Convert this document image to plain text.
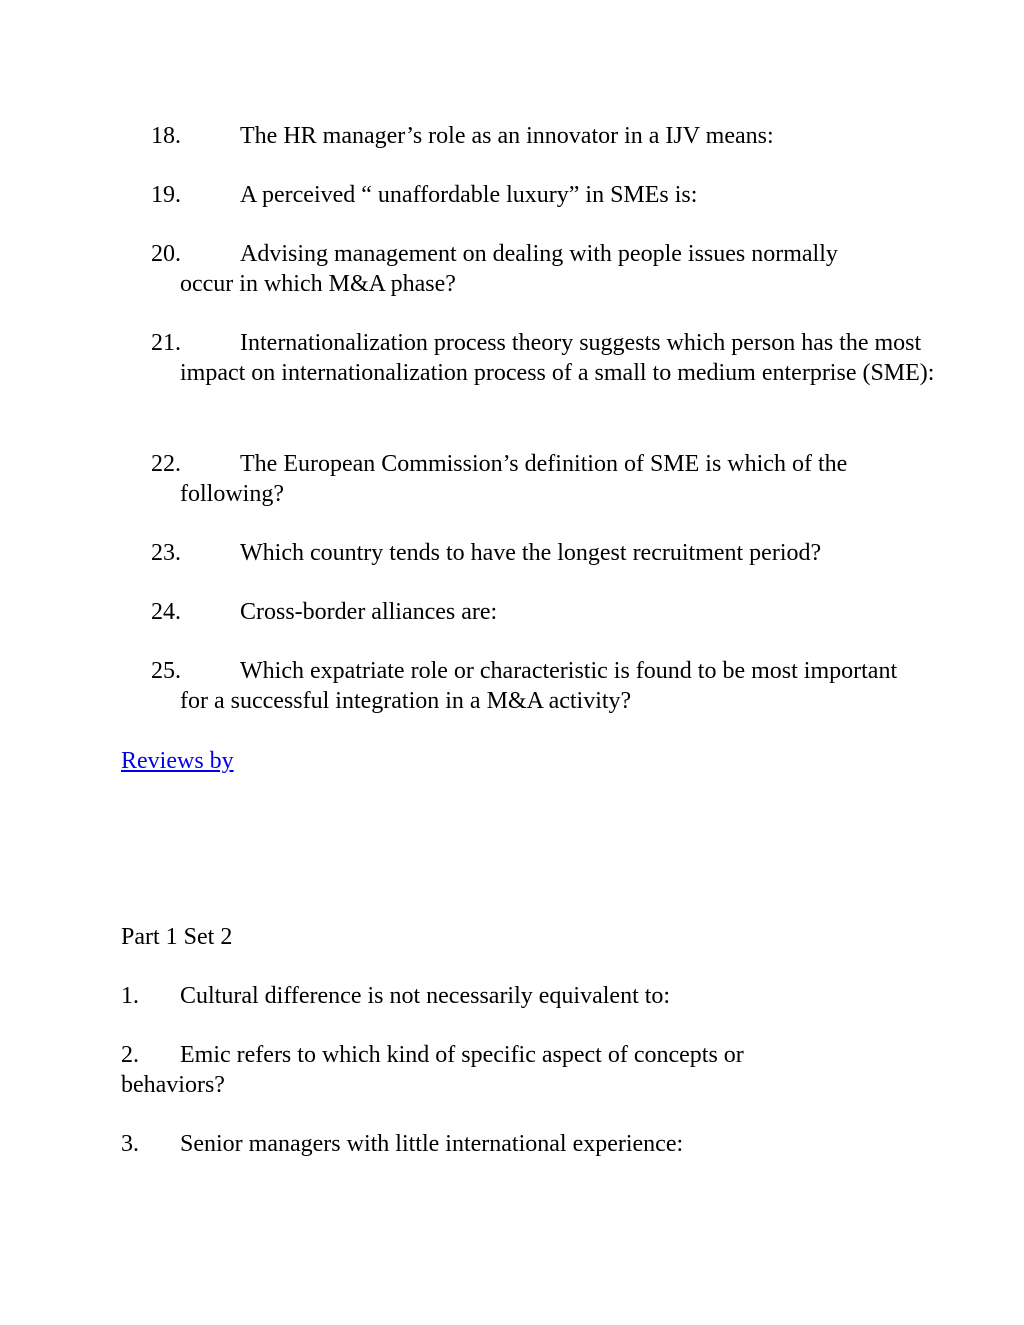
18. The HR manager’s role as an innovator in a IJV means:

19. A perceived “ unaffordable luxury” in SMEs is:

20. Advising management on dealing with people issues normally occur in which M&A phase?

21. Internationalization process theory suggests which person has the most impact on internationalization process of a small to medium enterprise (SME):

22. The European Commission’s definition of SME is which of the following?

23. Which country tends to have the longest recruitment period?

24. Cross-border alliances are:

25. Which expatriate role or characteristic is found to be most important for a successful integration in a M&A activity?

Reviews by
Part 1 Set 2

1. Cultural difference is not necessarily equivalent to:

2. Emic refers to which kind of specific aspect of concepts or behaviors?

3. Senior managers with little international experience:
